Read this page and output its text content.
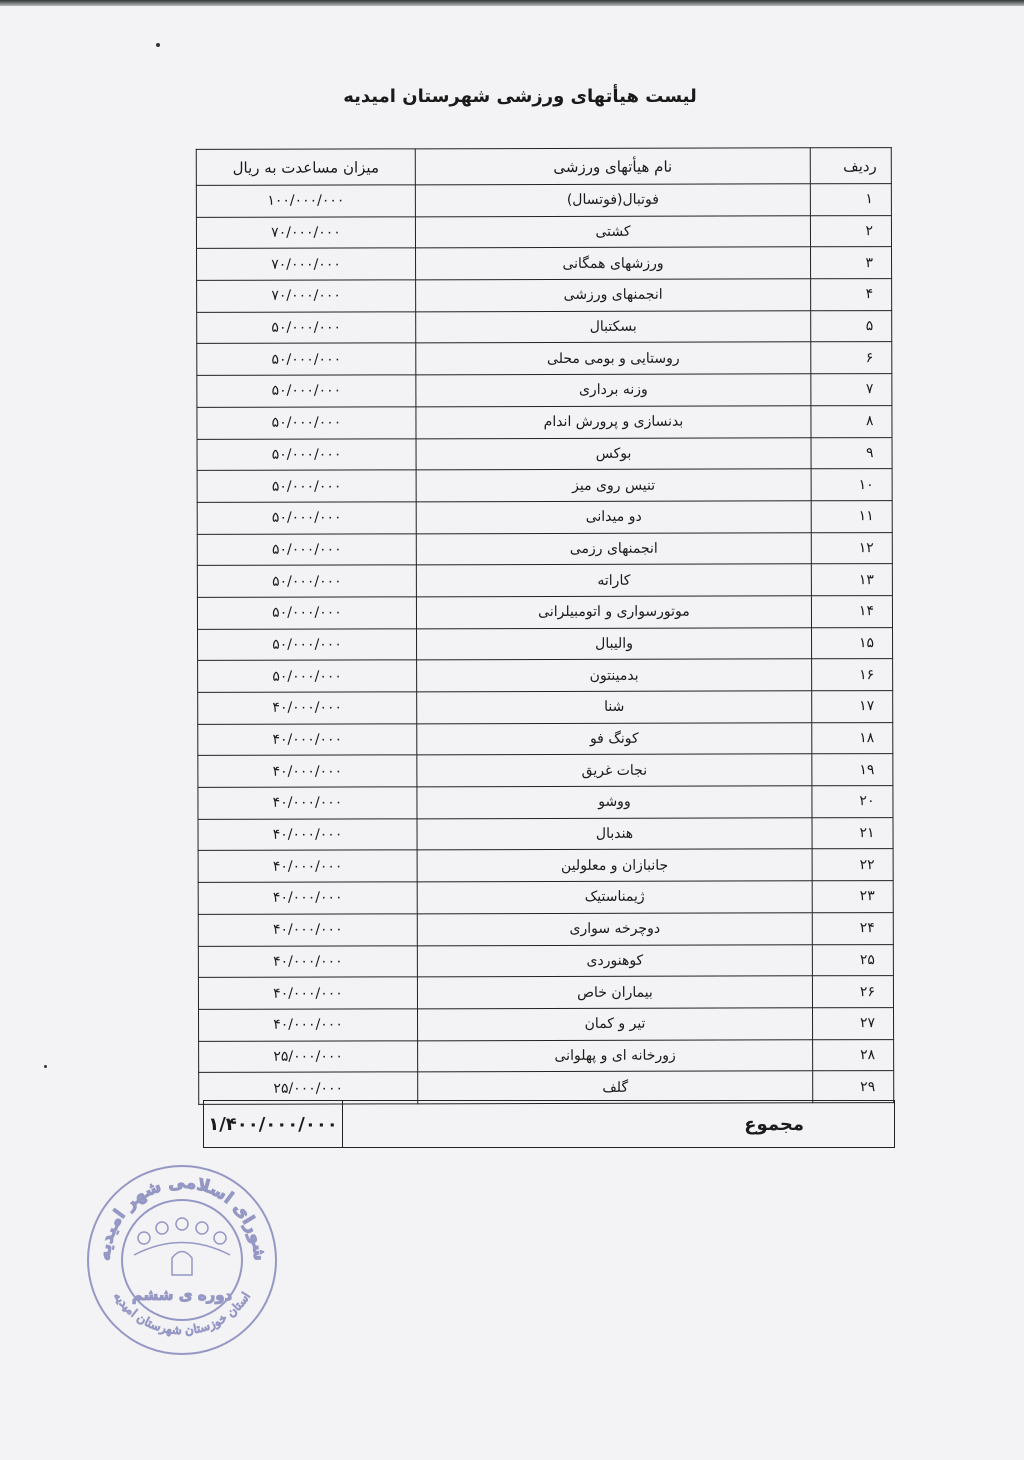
لیست هیأتهای ورزشی شهرستان امیدیه
ردیف	نام هیأتهای ورزشی	میزان مساعدت به ریال
۱	فوتبال(فوتسال)	۱۰۰/۰۰۰/۰۰۰
۲	کشتی	۷۰/۰۰۰/۰۰۰
۳	ورزشهای همگانی	۷۰/۰۰۰/۰۰۰
۴	انجمنهای ورزشی	۷۰/۰۰۰/۰۰۰
۵	بسکتبال	۵۰/۰۰۰/۰۰۰
۶	روستایی و بومی محلی	۵۰/۰۰۰/۰۰۰
۷	وزنه برداری	۵۰/۰۰۰/۰۰۰
۸	بدنسازی و پرورش اندام	۵۰/۰۰۰/۰۰۰
۹	بوکس	۵۰/۰۰۰/۰۰۰
۱۰	تنیس روی میز	۵۰/۰۰۰/۰۰۰
۱۱	دو میدانی	۵۰/۰۰۰/۰۰۰
۱۲	انجمنهای رزمی	۵۰/۰۰۰/۰۰۰
۱۳	کاراته	۵۰/۰۰۰/۰۰۰
۱۴	موتورسواری و اتومبیلرانی	۵۰/۰۰۰/۰۰۰
۱۵	والیبال	۵۰/۰۰۰/۰۰۰
۱۶	بدمینتون	۵۰/۰۰۰/۰۰۰
۱۷	شنا	۴۰/۰۰۰/۰۰۰
۱۸	کونگ فو	۴۰/۰۰۰/۰۰۰
۱۹	نجات غریق	۴۰/۰۰۰/۰۰۰
۲۰	ووشو	۴۰/۰۰۰/۰۰۰
۲۱	هندبال	۴۰/۰۰۰/۰۰۰
۲۲	جانبازان و معلولین	۴۰/۰۰۰/۰۰۰
۲۳	ژیمناستیک	۴۰/۰۰۰/۰۰۰
۲۴	دوچرخه سواری	۴۰/۰۰۰/۰۰۰
۲۵	کوهنوردی	۴۰/۰۰۰/۰۰۰
۲۶	بیماران خاص	۴۰/۰۰۰/۰۰۰
۲۷	تیر و کمان	۴۰/۰۰۰/۰۰۰
۲۸	زورخانه ای و پهلوانی	۲۵/۰۰۰/۰۰۰
۲۹	گلف	۲۵/۰۰۰/۰۰۰
مجموع	۱/۴۰۰/۰۰۰/۰۰۰
شورای اسلامی شهر امیدیه
استان خوزستان شهرستان امیدیه
دوره ی ششم
